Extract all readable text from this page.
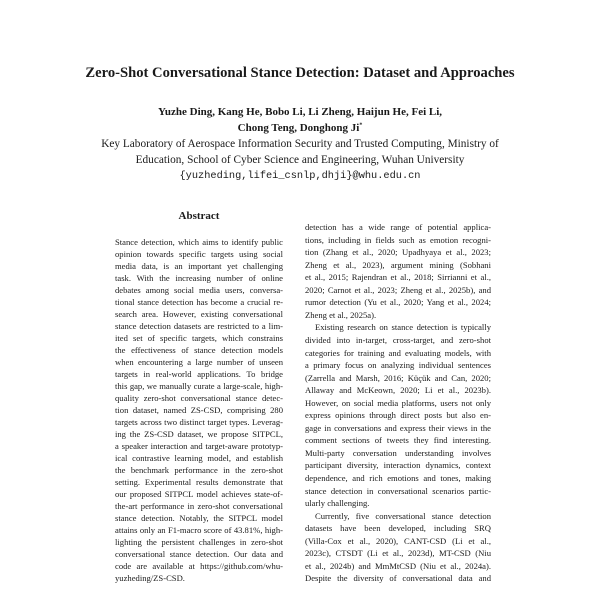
Zero-Shot Conversational Stance Detection: Dataset and Approaches
Yuzhe Ding, Kang He, Bobo Li, Li Zheng, Haijun He, Fei Li,
Chong Teng, Donghong Ji*
Key Laboratory of Aerospace Information Security and Trusted Computing, Ministry of
Education, School of Cyber Science and Engineering, Wuhan University
{yuzheding,lifei_csnlp,dhji}@whu.edu.cn
Abstract
Stance detection, which aims to identify public
opinion towards specific targets using social
media data, is an important yet challenging
task. With the increasing number of online
debates among social media users, conversa-
tional stance detection has become a crucial re-
search area. However, existing conversational
stance detection datasets are restricted to a lim-
ited set of specific targets, which constrains
the effectiveness of stance detection models
when encountering a large number of unseen
targets in real-world applications. To bridge
this gap, we manually curate a large-scale, high-
quality zero-shot conversational stance detec-
tion dataset, named ZS-CSD, comprising 280
targets across two distinct target types. Leverag-
ing the ZS-CSD dataset, we propose SITPCL,
a speaker interaction and target-aware prototyp-
ical contrastive learning model, and establish
the benchmark performance in the zero-shot
setting. Experimental results demonstrate that
our proposed SITPCL model achieves state-of-
the-art performance in zero-shot conversational
stance detection. Notably, the SITPCL model
attains only an F1-macro score of 43.81%, high-
lighting the persistent challenges in zero-shot
conversational stance detection. Our data and
code are available at https://github.com/whu-
yuzheding/ZS-CSD.
detection has a wide range of potential applica-
tions, including in fields such as emotion recogni-
tion (Zhang et al., 2020; Upadhyaya et al., 2023;
Zheng et al., 2023), argument mining (Sobhani
et al., 2015; Rajendran et al., 2018; Sirrianni et al.,
2020; Carnot et al., 2023; Zheng et al., 2025b), and
rumor detection (Yu et al., 2020; Yang et al., 2024;
Zheng et al., 2025a).
Existing research on stance detection is typically
divided into in-target, cross-target, and zero-shot
categories for training and evaluating models, with
a primary focus on analyzing individual sentences
(Zarrella and Marsh, 2016; Küçük and Can, 2020;
Allaway and McKeown, 2020; Li et al., 2023b).
However, on social media platforms, users not only
express opinions through direct posts but also en-
gage in conversations and express their views in the
comment sections of tweets they find interesting.
Multi-party conversation understanding involves
participant diversity, interaction dynamics, context
dependence, and rich emotions and tones, making
stance detection in conversational scenarios partic-
ularly challenging.
Currently, five conversational stance detection
datasets have been developed, including SRQ
(Villa-Cox et al., 2020), CANT-CSD (Li et al.,
2023c), CTSDT (Li et al., 2023d), MT-CSD (Niu
et al., 2024b) and MmMtCSD (Niu et al., 2024a).
Despite the diversity of conversational data and
